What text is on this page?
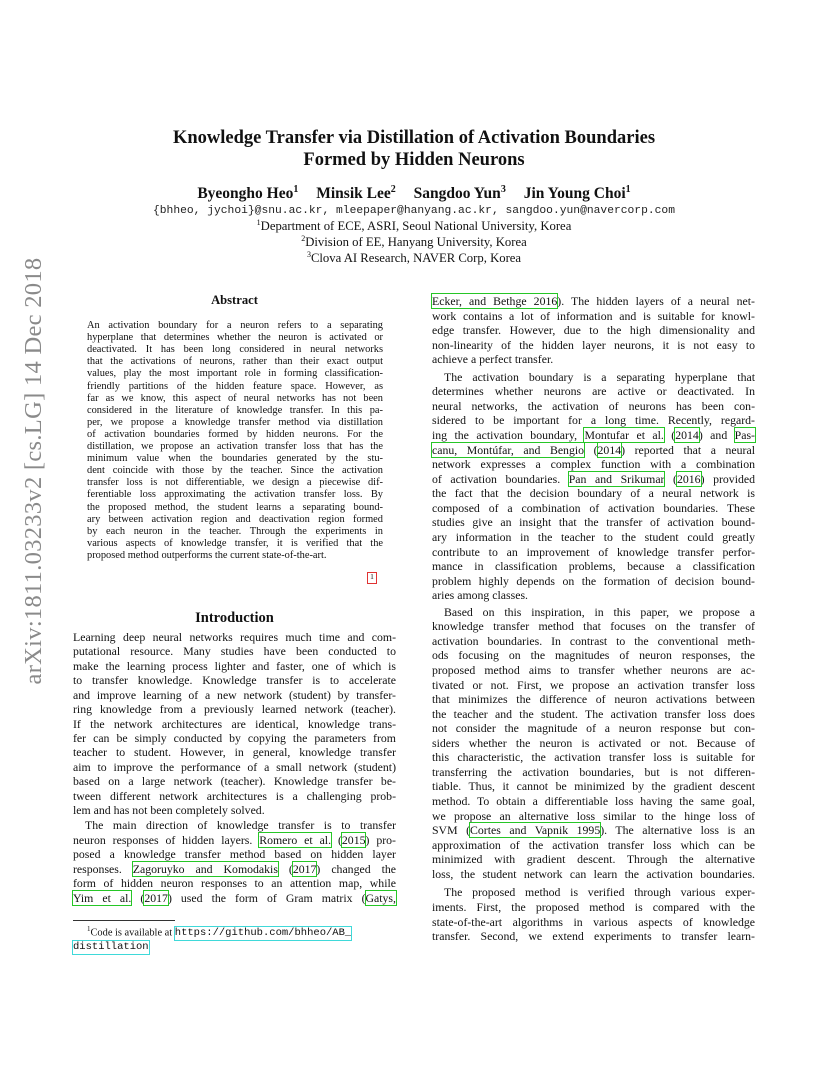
arXiv:1811.03233v2 [cs.LG] 14 Dec 2018
Knowledge Transfer via Distillation of Activation Boundaries
Formed by Hidden Neurons
Byeongho Heo$^1$ Minsik Lee$^2$ Sangdoo Yun$^3$ Jin Young Choi$^1$
{bhheo, jychoi}@snu.ac.kr, mleepaper@hanyang.ac.kr, sangdoo.yun@navercorp.com
$^1$Department of ECE, ASRI, Seoul National University, Korea
$^2$Division of EE, Hanyang University, Korea
$^3$Clova AI Research, NAVER Corp, Korea
Abstract
An activation boundary for a neuron refers to a separating
hyperplane that determines whether the neuron is activated or
deactivated. It has been long considered in neural networks
that the activations of neurons, rather than their exact output
values, play the most important role in forming classification-
friendly partitions of the hidden feature space. However, as
far as we know, this aspect of neural networks has not been
considered in the literature of knowledge transfer. In this pa-
per, we propose a knowledge transfer method via distillation
of activation boundaries formed by hidden neurons. For the
distillation, we propose an activation transfer loss that has the
minimum value when the boundaries generated by the stu-
dent coincide with those by the teacher. Since the activation
transfer loss is not differentiable, we design a piecewise dif-
ferentiable loss approximating the activation transfer loss. By
the proposed method, the student learns a separating bound-
ary between activation region and deactivation region formed
by each neuron in the teacher. Through the experiments in
various aspects of knowledge transfer, it is verified that the
proposed method outperforms the current state-of-the-art.
1
Introduction
Learning deep neural networks requires much time and com-
putational resource. Many studies have been conducted to
make the learning process lighter and faster, one of which is
to transfer knowledge. Knowledge transfer is to accelerate
and improve learning of a new network (student) by transfer-
ring knowledge from a previously learned network (teacher).
If the network architectures are identical, knowledge trans-
fer can be simply conducted by copying the parameters from
teacher to student. However, in general, knowledge transfer
aim to improve the performance of a small network (student)
based on a large network (teacher). Knowledge transfer be-
tween different network architectures is a challenging prob-
lem and has not been completely solved.
The main direction of knowledge transfer is to transfer
neuron responses of hidden layers. Romero et al. (2015) pro-
posed a knowledge transfer method based on hidden layer
responses. Zagoruyko and Komodakis (2017) changed the
form of hidden neuron responses to an attention map, while
Yim et al. (2017) used the form of Gram matrix (Gatys,
Ecker, and Bethge 2016). The hidden layers of a neural net-
work contains a lot of information and is suitable for knowl-
edge transfer. However, due to the high dimensionality and
non-linearity of the hidden layer neurons, it is not easy to
achieve a perfect transfer.
The activation boundary is a separating hyperplane that
determines whether neurons are active or deactivated. In
neural networks, the activation of neurons has been con-
sidered to be important for a long time. Recently, regard-
ing the activation boundary, Montufar et al. (2014) and Pas-
canu, Montúfar, and Bengio (2014) reported that a neural
network expresses a complex function with a combination
of activation boundaries. Pan and Srikumar (2016) provided
the fact that the decision boundary of a neural network is
composed of a combination of activation boundaries. These
studies give an insight that the transfer of activation bound-
ary information in the teacher to the student could greatly
contribute to an improvement of knowledge transfer perfor-
mance in classification problems, because a classification
problem highly depends on the formation of decision bound-
aries among classes.
Based on this inspiration, in this paper, we propose a
knowledge transfer method that focuses on the transfer of
activation boundaries. In contrast to the conventional meth-
ods focusing on the magnitudes of neuron responses, the
proposed method aims to transfer whether neurons are ac-
tivated or not. First, we propose an activation transfer loss
that minimizes the difference of neuron activations between
the teacher and the student. The activation transfer loss does
not consider the magnitude of a neuron response but con-
siders whether the neuron is activated or not. Because of
this characteristic, the activation transfer loss is suitable for
transferring the activation boundaries, but is not differen-
tiable. Thus, it cannot be minimized by the gradient descent
method. To obtain a differentiable loss having the same goal,
we propose an alternative loss similar to the hinge loss of
SVM (Cortes and Vapnik 1995). The alternative loss is an
approximation of the activation transfer loss which can be
minimized with gradient descent. Through the alternative
loss, the student network can learn the activation boundaries.
The proposed method is verified through various exper-
iments. First, the proposed method is compared with the
state-of-the-art algorithms in various aspects of knowledge
transfer. Second, we extend experiments to transfer learn-
$^1$Code is available at https://github.com/bhheo/AB_
distillation
